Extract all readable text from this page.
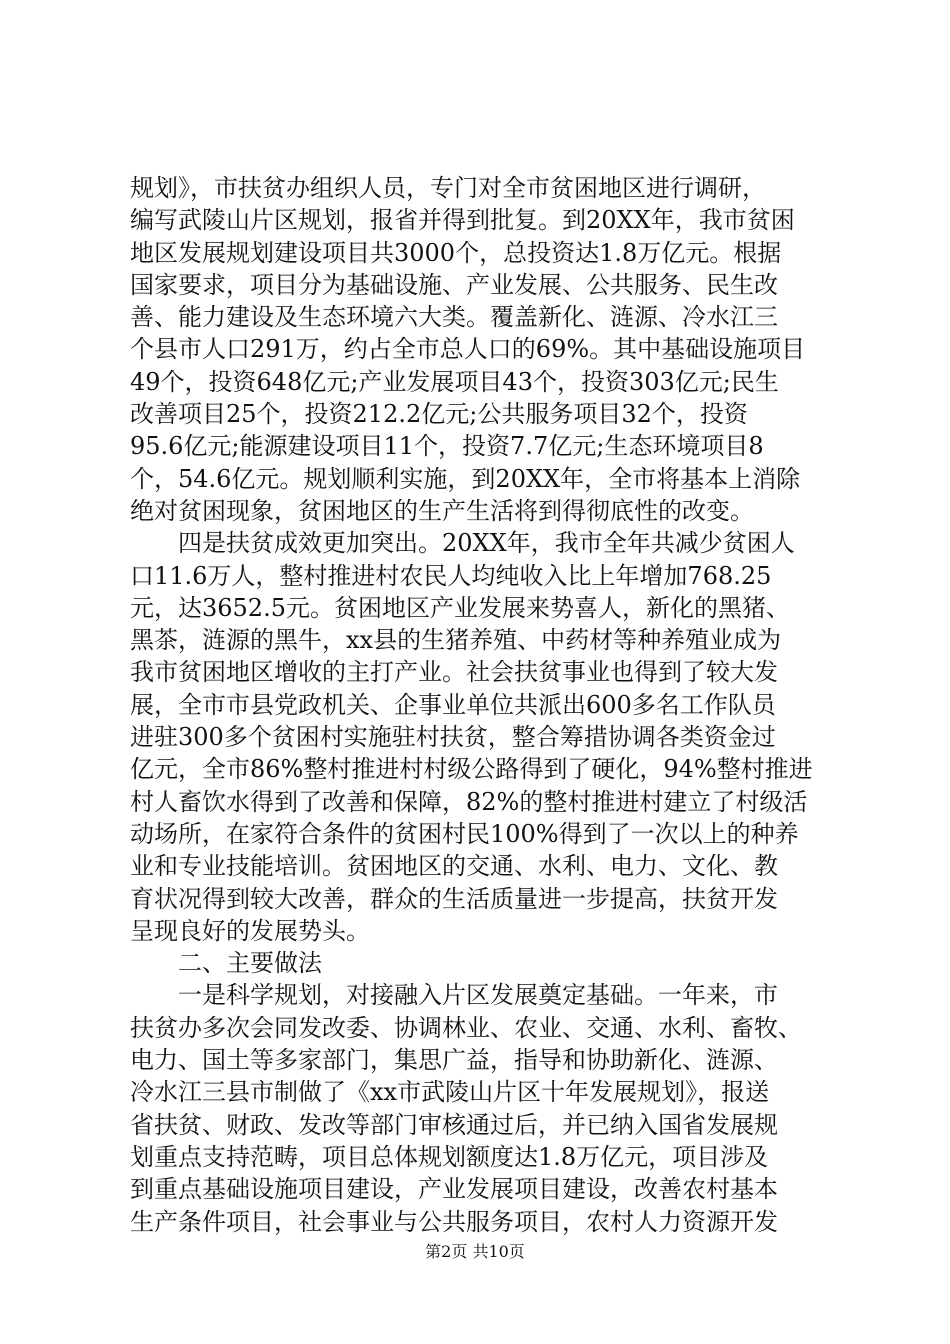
规划》，市扶贫办组织人员，专门对全市贫困地区进行调研，
编写武陵山片区规划，报省并得到批复。到20XX年，我市贫困
地区发展规划建设项目共3000个，总投资达1.8万亿元。根据
国家要求，项目分为基础设施、产业发展、公共服务、民生改
善、能力建设及生态环境六大类。覆盖新化、涟源、冷水江三
个县市人口291万，约占全市总人口的69%。其中基础设施项目
49个，投资648亿元;产业发展项目43个，投资303亿元;民生
改善项目25个，投资212.2亿元;公共服务项目32个，投资
95.6亿元;能源建设项目11个，投资7.7亿元;生态环境项目8
个，54.6亿元。规划顺利实施，到20XX年，全市将基本上消除
绝对贫困现象，贫困地区的生产生活将到得彻底性的改变。
　　四是扶贫成效更加突出。20XX年，我市全年共减少贫困人
口11.6万人，整村推进村农民人均纯收入比上年增加768.25
元，达3652.5元。贫困地区产业发展来势喜人，新化的黑猪、
黑茶，涟源的黑牛，xx县的生猪养殖、中药材等种养殖业成为
我市贫困地区增收的主打产业。社会扶贫事业也得到了较大发
展，全市市县党政机关、企事业单位共派出600多名工作队员
进驻300多个贫困村实施驻村扶贫，整合筹措协调各类资金过
亿元，全市86%整村推进村村级公路得到了硬化，94%整村推进
村人畜饮水得到了改善和保障，82%的整村推进村建立了村级活
动场所，在家符合条件的贫困村民100%得到了一次以上的种养
业和专业技能培训。贫困地区的交通、水利、电力、文化、教
育状况得到较大改善，群众的生活质量进一步提高，扶贫开发
呈现良好的发展势头。
　　二、主要做法
　　一是科学规划，对接融入片区发展奠定基础。一年来，市
扶贫办多次会同发改委、协调林业、农业、交通、水利、畜牧、
电力、国土等多家部门，集思广益，指导和协助新化、涟源、
冷水江三县市制做了《xx市武陵山片区十年发展规划》，报送
省扶贫、财政、发改等部门审核通过后，并已纳入国省发展规
划重点支持范畴，项目总体规划额度达1.8万亿元，项目涉及
到重点基础设施项目建设，产业发展项目建设，改善农村基本
生产条件项目，社会事业与公共服务项目，农村人力资源开发
第2页 共10页
